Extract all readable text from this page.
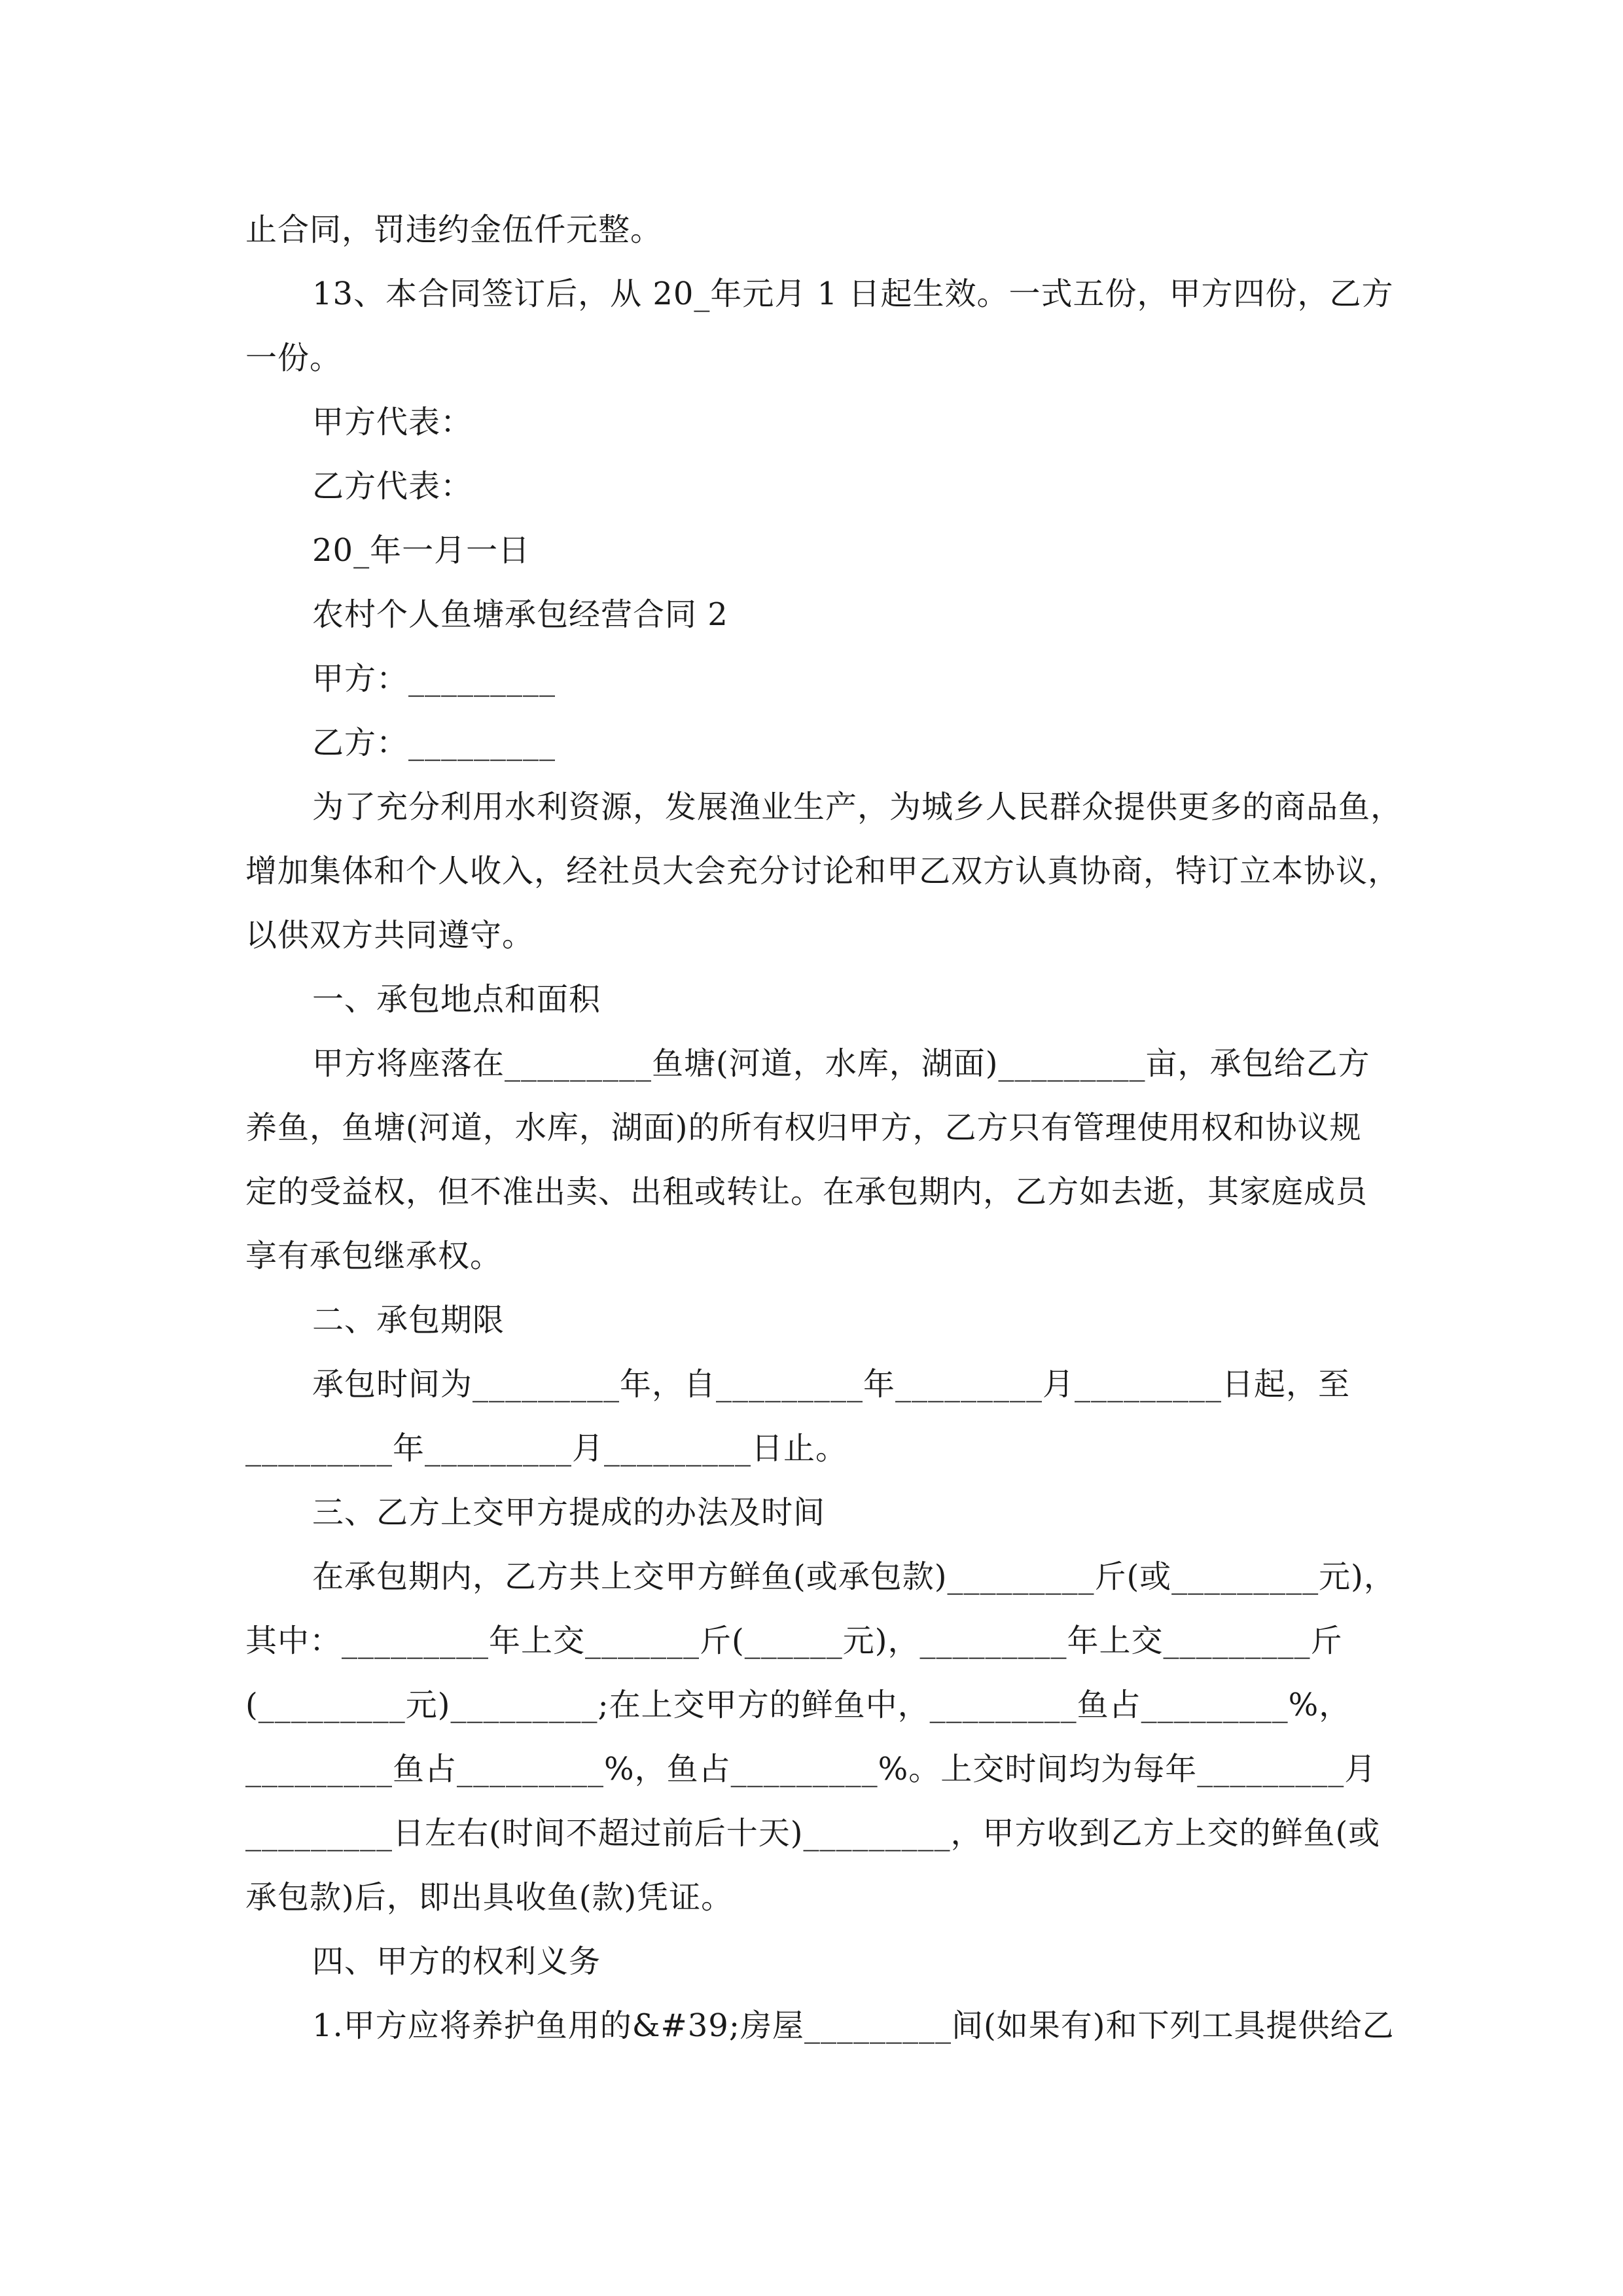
止合同，罚违约金伍仟元整。
13、本合同签订后，从 20_年元月 1 日起生效。一式五份，甲方四份，乙方
一份。
甲方代表：
乙方代表：
20_年一月一日
农村个人鱼塘承包经营合同 2
甲方：_________
乙方：_________
为了充分利用水利资源，发展渔业生产，为城乡人民群众提供更多的商品鱼，
增加集体和个人收入，经社员大会充分讨论和甲乙双方认真协商，特订立本协议，
以供双方共同遵守。
一、承包地点和面积
甲方将座落在_________鱼塘(河道，水库，湖面)_________亩，承包给乙方
养鱼，鱼塘(河道，水库，湖面)的所有权归甲方，乙方只有管理使用权和协议规
定的受益权，但不准出卖、出租或转让。在承包期内，乙方如去逝，其家庭成员
享有承包继承权。
二、承包期限
承包时间为_________年，自_________年_________月_________日起，至
_________年_________月_________日止。
三、乙方上交甲方提成的办法及时间
在承包期内，乙方共上交甲方鲜鱼(或承包款)_________斤(或_________元)，
其中：_________年上交_______斤(______元)，_________年上交_________斤
(_________元)_________;在上交甲方的鲜鱼中，_________鱼占_________%，
_________鱼占_________%，鱼占_________%。上交时间均为每年_________月
_________日左右(时间不超过前后十天)_________，甲方收到乙方上交的鲜鱼(或
承包款)后，即出具收鱼(款)凭证。
四、甲方的权利义务
1.甲方应将养护鱼用的&#39;房屋_________间(如果有)和下列工具提供给乙
